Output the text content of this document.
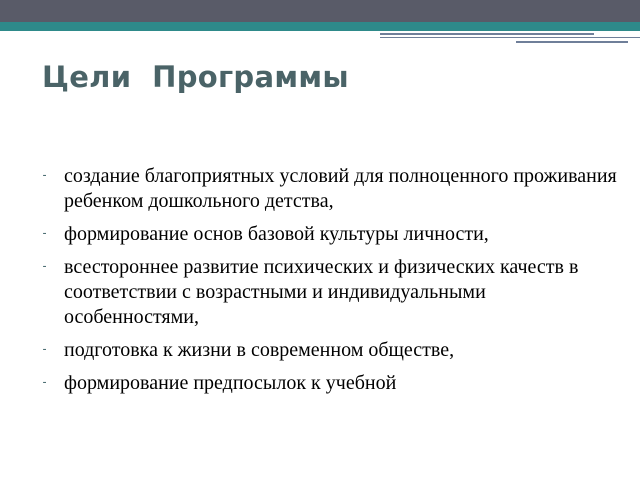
Цели  Программы
⁃ создание благоприятных условий для полноценного проживания ребенком дошкольного детства,
⁃ формирование основ базовой культуры личности,
⁃ всестороннее развитие психических и физических качеств в соответствии с возрастными и индивидуальными особенностями,
⁃ подготовка к жизни в современном обществе,
⁃ формирование предпосылок к учебной
